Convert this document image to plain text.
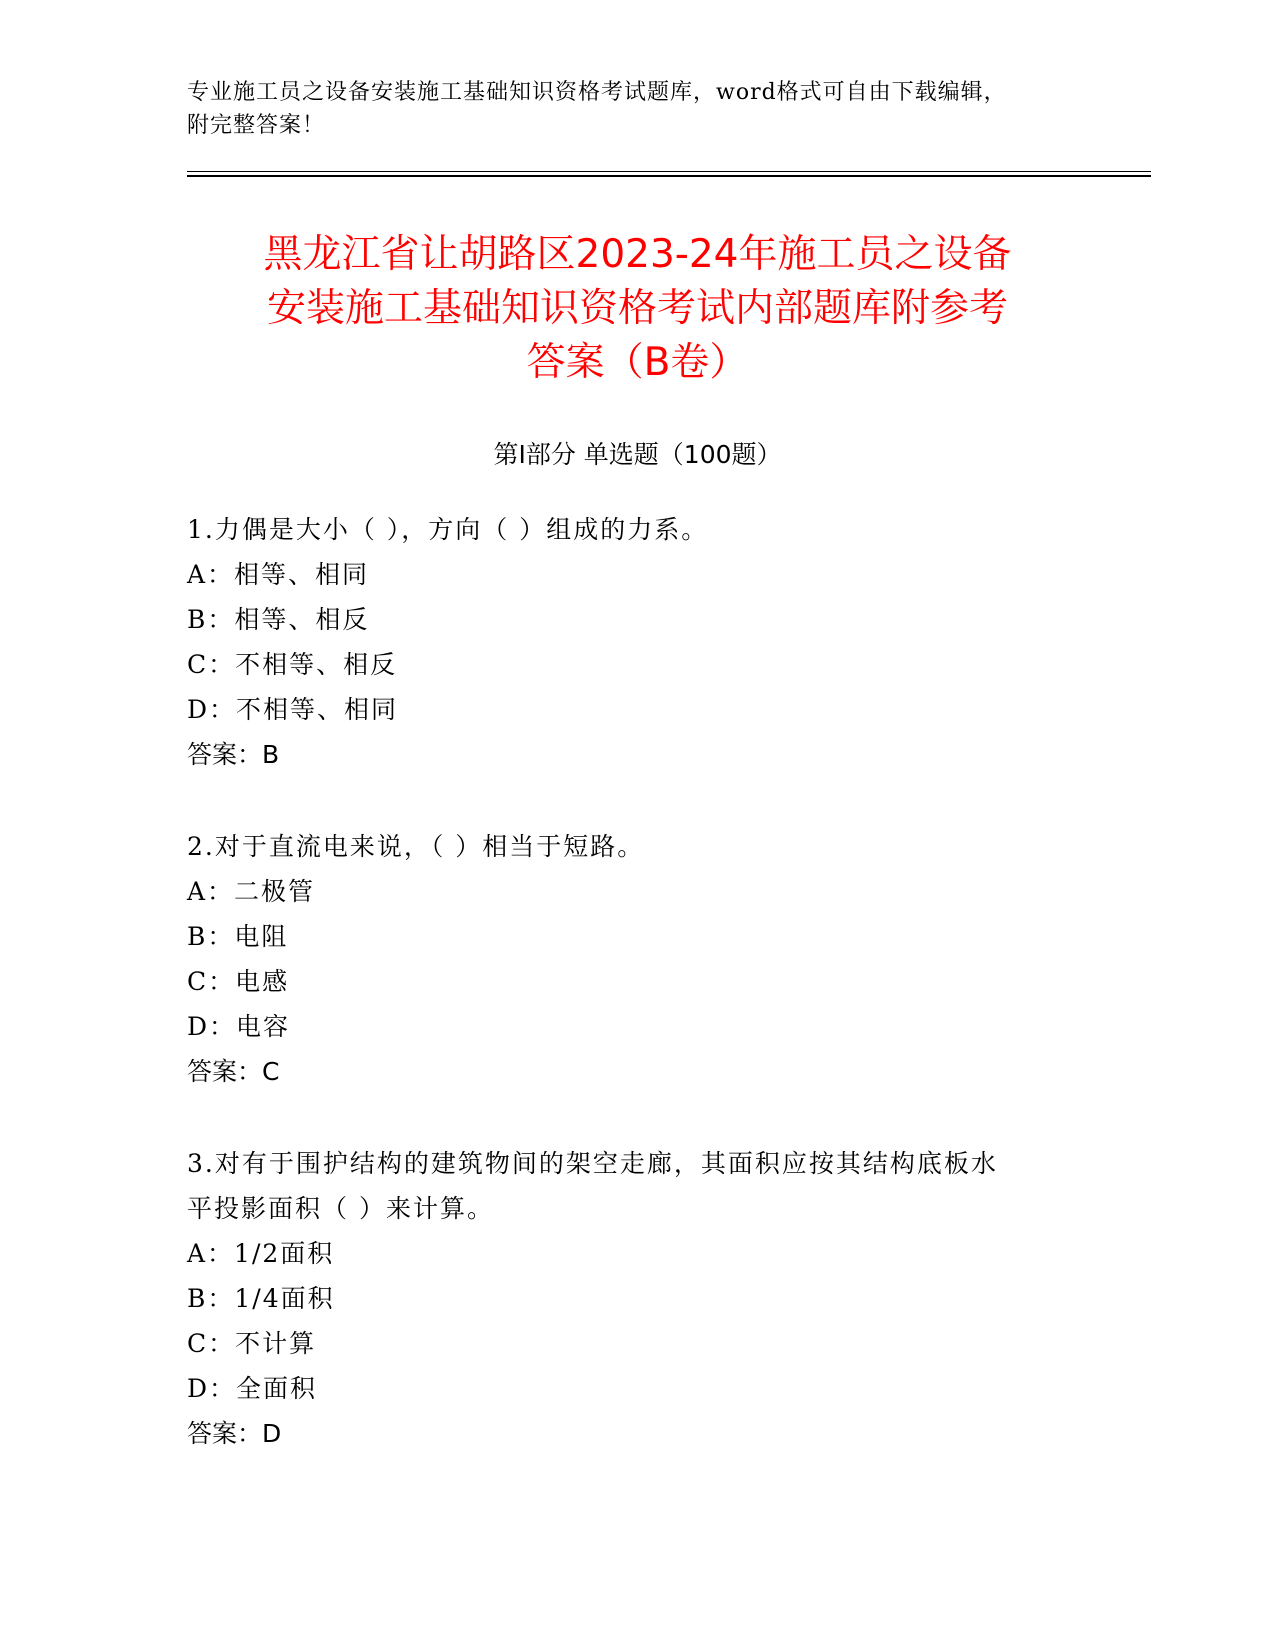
专业施工员之设备安装施工基础知识资格考试题库，word格式可自由下载编辑，
附完整答案！
黑龙江省让胡路区2023-24年施工员之设备
安装施工基础知识资格考试内部题库附参考
答案（B卷）
第Ⅰ部分 单选题（100题）

1.力偶是大小（ ），方向（ ）组成的力系。

A：相等、相同

B：相等、相反

C：不相等、相反

D：不相等、相同

答案：B

2.对于直流电来说，（ ）相当于短路。

A：二极管

B：电阻

C：电感

D：电容

答案：C

3.对有于围护结构的建筑物间的架空走廊，其面积应按其结构底板水

平投影面积（ ）来计算。

A：1/2面积

B：1/4面积

C：不计算

D：全面积

答案：D
